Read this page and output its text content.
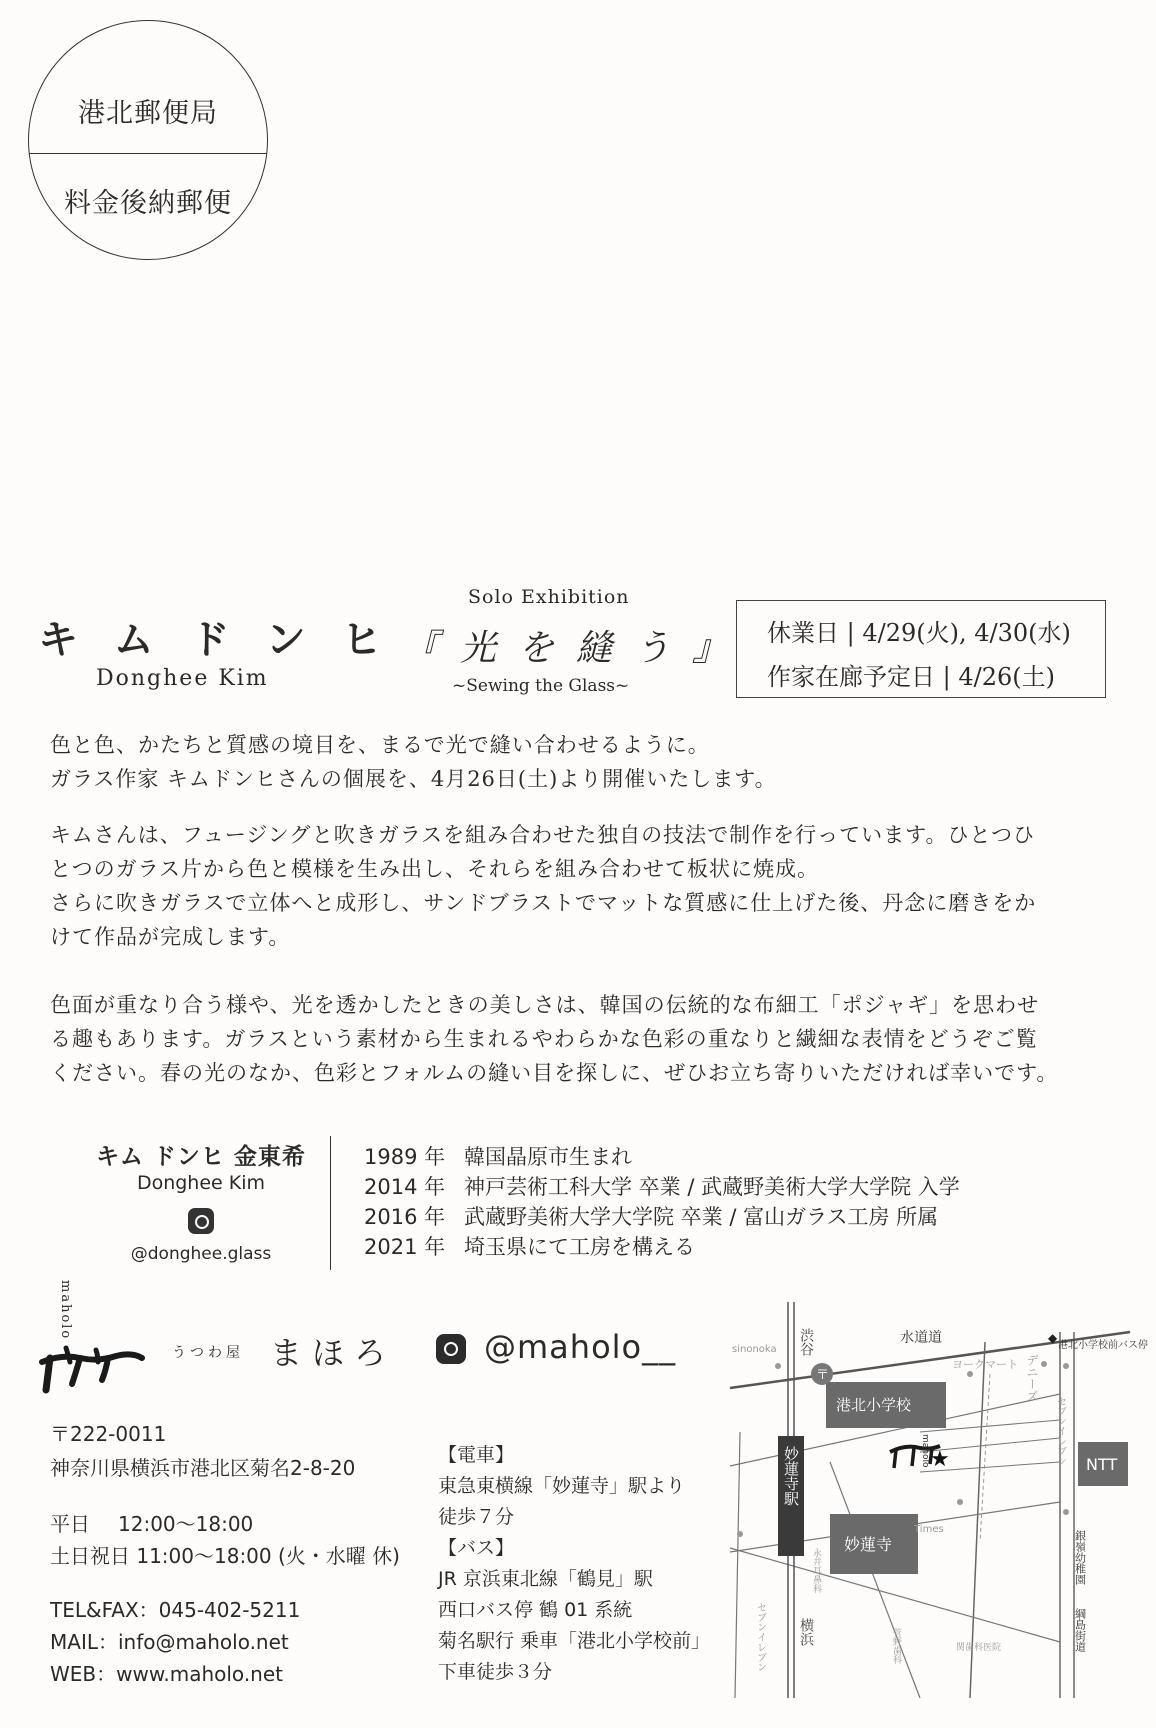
港北郵便局
料金後納郵便
キムドンヒ
Donghee Kim
Solo Exhibition
『光を縫う』
~Sewing the Glass~
休業日 | 4/29(火), 4/30(水)
作家在廊予定日 | 4/26(土)

色と色、かたちと質感の境目を、まるで光で縫い合わせるように。

ガラス作家 キムドンヒさんの個展を、4月26日(土)より開催いたします。

キムさんは、フュージングと吹きガラスを組み合わせた独自の技法で制作を行っています。ひとつひ

とつのガラス片から色と模様を生み出し、それらを組み合わせて板状に焼成。

さらに吹きガラスで立体へと成形し、サンドブラストでマットな質感に仕上げた後、丹念に磨きをか

けて作品が完成します。

色面が重なり合う様や、光を透かしたときの美しさは、韓国の伝統的な布細工「ポジャギ」を思わせ

る趣もあります。ガラスという素材から生まれるやわらかな色彩の重なりと繊細な表情をどうぞご覧

ください。春の光のなか、色彩とフォルムの縫い目を探しに、ぜひお立ち寄りいただければ幸いです。

キム ドンヒ 金東希
Donghee Kim
@donghee.glass
1989 年 韓国晶原市生まれ
2014 年 神戸芸術工科大学 卒業 / 武蔵野美術大学大学院 入学
2016 年 武蔵野美術大学大学院 卒業 / 富山ガラス工房 所属
2021 年 埼玉県にて工房を構える
maholo
うつわ屋 まほろ	@maholo__
〒222-0011
神奈川県横浜市港北区菊名2-8-20
平日 12:00〜18:00
土日祝日 11:00〜18:00 (火・水曜 休)
TEL&FAX：045-402-5211
MAIL：info@maholo.net
WEB：www.maholo.net
【電車】
東急東横線「妙蓮寺」駅より
徒歩７分
【バス】
JR 京浜東北線「鶴見」駅
西口バス停 鶴 01 系統
菊名駅行 乗車「港北小学校前」
下車徒歩３分
妙蓮寺駅
港北小学校
妙蓮寺
NTT
〒
maholo ★
渋谷
横浜
水道道
sinonoka
ヨークマート デニーズ
港北小学校前バス停
◆
セブンイレブン
Times
永井耳鼻科
菅野歯科	関歯科医院
セブンイレブン
銀嶺幼稚園
綱島街道
